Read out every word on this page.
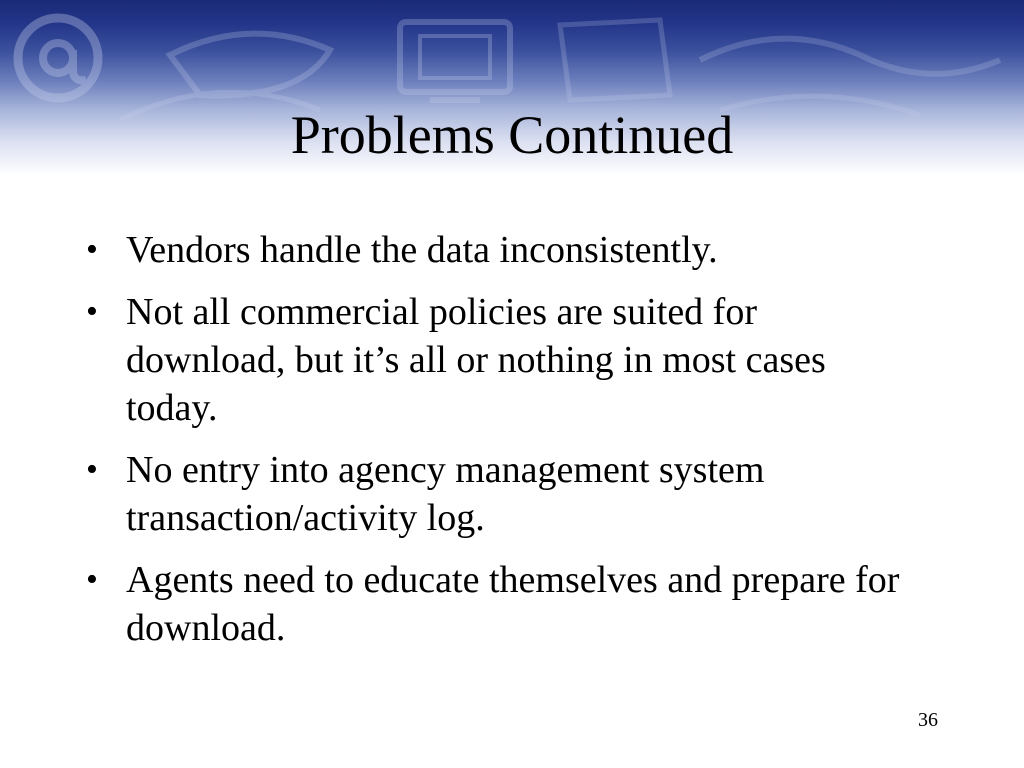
Problems Continued
• Vendors handle the data inconsistently.
• Not all commercial policies are suited for download, but it’s all or nothing in most cases today.
• No entry into agency management system transaction/activity log.
• Agents need to educate themselves and prepare for download.
36
